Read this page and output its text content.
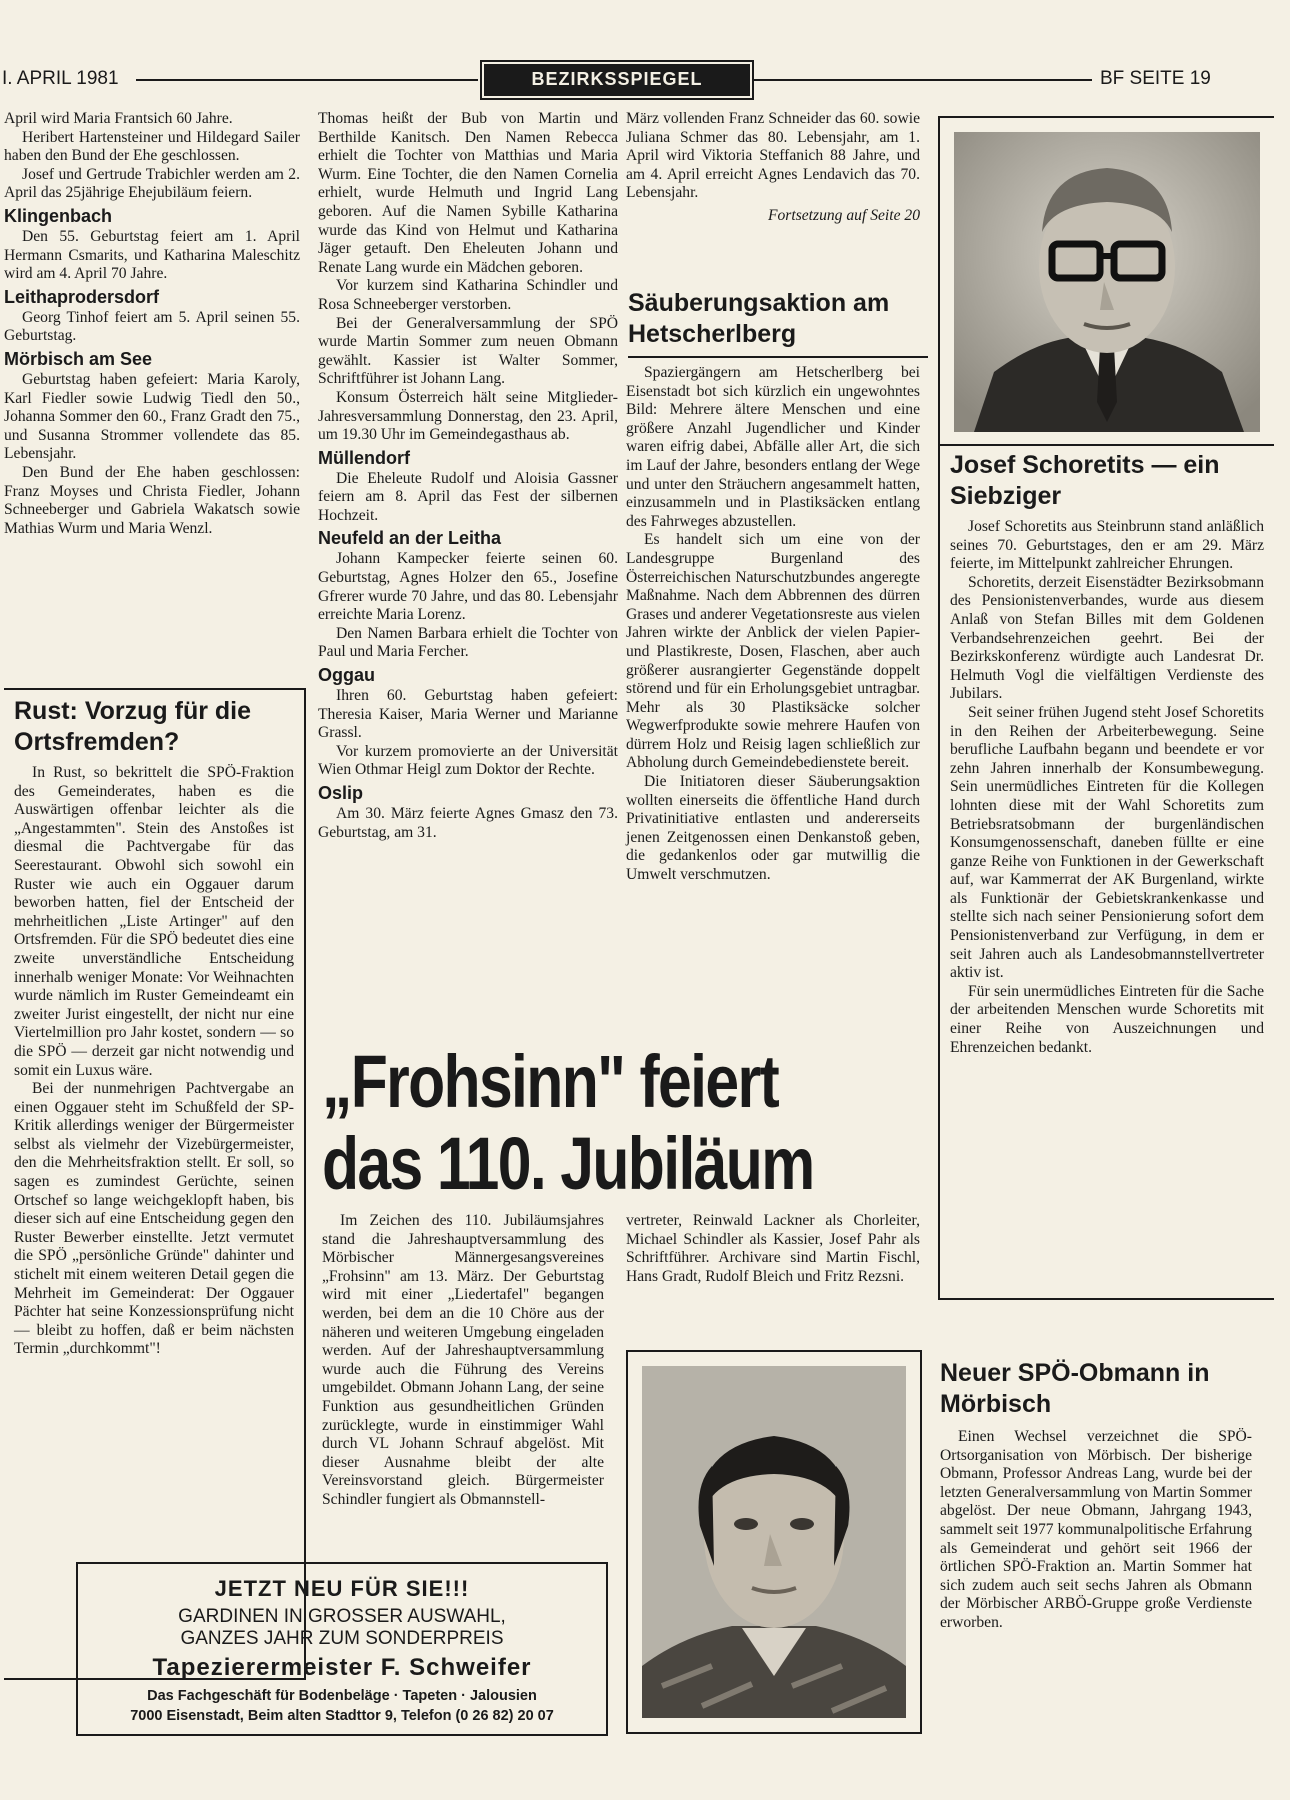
I. APRIL 1981	BEZIRKSSPIEGEL	BF SEITE 19

April wird Maria Frantsich 60 Jahre.

Heribert Hartensteiner und Hildegard Sailer haben den Bund der Ehe geschlossen.

Josef und Gertrude Trabichler werden am 2. April das 25jährige Ehejubiläum feiern.

Klingenbach

Den 55. Geburtstag feiert am 1. April Hermann Csmarits, und Katharina Maleschitz wird am 4. April 70 Jahre.

Leithaprodersdorf

Georg Tinhof feiert am 5. April seinen 55. Geburtstag.

Mörbisch am See

Geburtstag haben gefeiert: Maria Karoly, Karl Fiedler sowie Ludwig Tiedl den 50., Johanna Sommer den 60., Franz Gradt den 75., und Susanna Strommer vollendete das 85. Lebensjahr.

Den Bund der Ehe haben geschlossen: Franz Moyses und Christa Fiedler, Johann Schneeberger und Gabriela Wakatsch sowie Mathias Wurm und Maria Wenzl.

Rust: Vorzug für die Ortsfremden?

In Rust, so bekrittelt die SPÖ-Fraktion des Gemeinderates, haben es die Auswärtigen offenbar leichter als die „Angestammten". Stein des Anstoßes ist diesmal die Pachtvergabe für das Seerestaurant. Obwohl sich sowohl ein Ruster wie auch ein Oggauer darum beworben hatten, fiel der Entscheid der mehrheitlichen „Liste Artinger" auf den Ortsfremden. Für die SPÖ bedeutet dies eine zweite unverständliche Entscheidung innerhalb weniger Monate: Vor Weihnachten wurde nämlich im Ruster Gemeindeamt ein zweiter Jurist eingestellt, der nicht nur eine Viertelmillion pro Jahr kostet, sondern — so die SPÖ — derzeit gar nicht notwendig und somit ein Luxus wäre.

Bei der nunmehrigen Pachtvergabe an einen Oggauer steht im Schußfeld der SP-Kritik allerdings weniger der Bürgermeister selbst als vielmehr der Vizebürgermeister, den die Mehrheitsfraktion stellt. Er soll, so sagen es zumindest Gerüchte, seinen Ortschef so lange weichgeklopft haben, bis dieser sich auf eine Entscheidung gegen den Ruster Bewerber einstellte. Jetzt vermutet die SPÖ „persönliche Gründe" dahinter und stichelt mit einem weiteren Detail gegen die Mehrheit im Gemeinderat: Der Oggauer Pächter hat seine Konzessionsprüfung nicht — bleibt zu hoffen, daß er beim nächsten Termin „durchkommt"!

Thomas heißt der Bub von Martin und Berthilde Kanitsch. Den Namen Rebecca erhielt die Tochter von Matthias und Maria Wurm. Eine Tochter, die den Namen Cornelia erhielt, wurde Helmuth und Ingrid Lang geboren. Auf die Namen Sybille Katharina wurde das Kind von Helmut und Katharina Jäger getauft. Den Eheleuten Johann und Renate Lang wurde ein Mädchen geboren.

Vor kurzem sind Katharina Schindler und Rosa Schneeberger verstorben.

Bei der Generalversammlung der SPÖ wurde Martin Sommer zum neuen Obmann gewählt. Kassier ist Walter Sommer, Schriftführer ist Johann Lang.

Konsum Österreich hält seine Mitglieder-Jahresversammlung Donnerstag, den 23. April, um 19.30 Uhr im Gemeindegasthaus ab.

Müllendorf

Die Eheleute Rudolf und Aloisia Gassner feiern am 8. April das Fest der silbernen Hochzeit.

Neufeld an der Leitha

Johann Kampecker feierte seinen 60. Geburtstag, Agnes Holzer den 65., Josefine Gfrerer wurde 70 Jahre, und das 80. Lebensjahr erreichte Maria Lorenz.

Den Namen Barbara erhielt die Tochter von Paul und Maria Fercher.

Oggau

Ihren 60. Geburtstag haben gefeiert: Theresia Kaiser, Maria Werner und Marianne Grassl.

Vor kurzem promovierte an der Universität Wien Othmar Heigl zum Doktor der Rechte.

Oslip

Am 30. März feierte Agnes Gmasz den 73. Geburtstag, am 31.

März vollenden Franz Schneider das 60. sowie Juliana Schmer das 80. Lebensjahr, am 1. April wird Viktoria Steffanich 88 Jahre, und am 4. April erreicht Agnes Lendavich das 70. Lebensjahr.

Fortsetzung auf Seite 20

Säuberungsaktion am Hetscherlberg

Spaziergängern am Hetscherlberg bei Eisenstadt bot sich kürzlich ein ungewohntes Bild: Mehrere ältere Menschen und eine größere Anzahl Jugendlicher und Kinder waren eifrig dabei, Abfälle aller Art, die sich im Lauf der Jahre, besonders entlang der Wege und unter den Sträuchern angesammelt hatten, einzusammeln und in Plastiksäcken entlang des Fahrweges abzustellen.

Es handelt sich um eine von der Landesgruppe Burgenland des Österreichischen Naturschutzbundes angeregte Maßnahme. Nach dem Abbrennen des dürren Grases und anderer Vegetationsreste aus vielen Jahren wirkte der Anblick der vielen Papier- und Plastikreste, Dosen, Flaschen, aber auch größerer ausrangierter Gegenstände doppelt störend und für ein Erholungsgebiet untragbar. Mehr als 30 Plastiksäcke solcher Wegwerfprodukte sowie mehrere Haufen von dürrem Holz und Reisig lagen schließlich zur Abholung durch Gemeindebedienstete bereit.

Die Initiatoren dieser Säuberungsaktion wollten einerseits die öffentliche Hand durch Privatinitiative entlasten und andererseits jenen Zeitgenossen einen Denkanstoß geben, die gedankenlos oder gar mutwillig die Umwelt verschmutzen.

Josef Schoretits — ein Siebziger

Josef Schoretits aus Steinbrunn stand anläßlich seines 70. Geburtstages, den er am 29. März feierte, im Mittelpunkt zahlreicher Ehrungen.

Schoretits, derzeit Eisenstädter Bezirksobmann des Pensionistenverbandes, wurde aus diesem Anlaß von Stefan Billes mit dem Goldenen Verbandsehrenzeichen geehrt. Bei der Bezirkskonferenz würdigte auch Landesrat Dr. Helmuth Vogl die vielfältigen Verdienste des Jubilars.

Seit seiner frühen Jugend steht Josef Schoretits in den Reihen der Arbeiterbewegung. Seine berufliche Laufbahn begann und beendete er vor zehn Jahren innerhalb der Konsumbewegung. Sein unermüdliches Eintreten für die Kollegen lohnten diese mit der Wahl Schoretits zum Betriebsratsobmann der burgenländischen Konsumgenossenschaft, daneben füllte er eine ganze Reihe von Funktionen in der Gewerkschaft auf, war Kammerrat der AK Burgenland, wirkte als Funktionär der Gebietskrankenkasse und stellte sich nach seiner Pensionierung sofort dem Pensionistenverband zur Verfügung, in dem er seit Jahren auch als Landesobmannstellvertreter aktiv ist.

Für sein unermüdliches Eintreten für die Sache der arbeitenden Menschen wurde Schoretits mit einer Reihe von Auszeichnungen und Ehrenzeichen bedankt.

„Frohsinn" feiert
das 110. Jubiläum

Im Zeichen des 110. Jubiläumsjahres stand die Jahreshauptversammlung des Mörbischer Männergesangsvereines „Frohsinn" am 13. März. Der Geburtstag wird mit einer „Liedertafel" begangen werden, bei dem an die 10 Chöre aus der näheren und weiteren Umgebung eingeladen werden. Auf der Jahreshauptversammlung wurde auch die Führung des Vereins umgebildet. Obmann Johann Lang, der seine Funktion aus gesundheitlichen Gründen zurücklegte, wurde in einstimmiger Wahl durch VL Johann Schrauf abgelöst. Mit dieser Ausnahme bleibt der alte Vereinsvorstand gleich. Bürgermeister Schindler fungiert als Obmannstell-

vertreter, Reinwald Lackner als Chorleiter, Michael Schindler als Kassier, Josef Pahr als Schriftführer. Archivare sind Martin Fischl, Hans Gradt, Rudolf Bleich und Fritz Rezsni.

Neuer SPÖ-Obmann in Mörbisch

Einen Wechsel verzeichnet die SPÖ-Ortsorganisation von Mörbisch. Der bisherige Obmann, Professor Andreas Lang, wurde bei der letzten Generalversammlung von Martin Sommer abgelöst. Der neue Obmann, Jahrgang 1943, sammelt seit 1977 kommunalpolitische Erfahrung als Gemeinderat und gehört seit 1966 der örtlichen SPÖ-Fraktion an. Martin Sommer hat sich zudem auch seit sechs Jahren als Obmann der Mörbischer ARBÖ-Gruppe große Verdienste erworben.

JETZT NEU FÜR SIE!!!
GARDINEN IN GROSSER AUSWAHL,
GANZES JAHR ZUM SONDERPREIS
Tapezierermeister F. Schweifer
Das Fachgeschäft für Bodenbeläge · Tapeten · Jalousien
7000 Eisenstadt, Beim alten Stadttor 9, Telefon (0 26 82) 20 07
